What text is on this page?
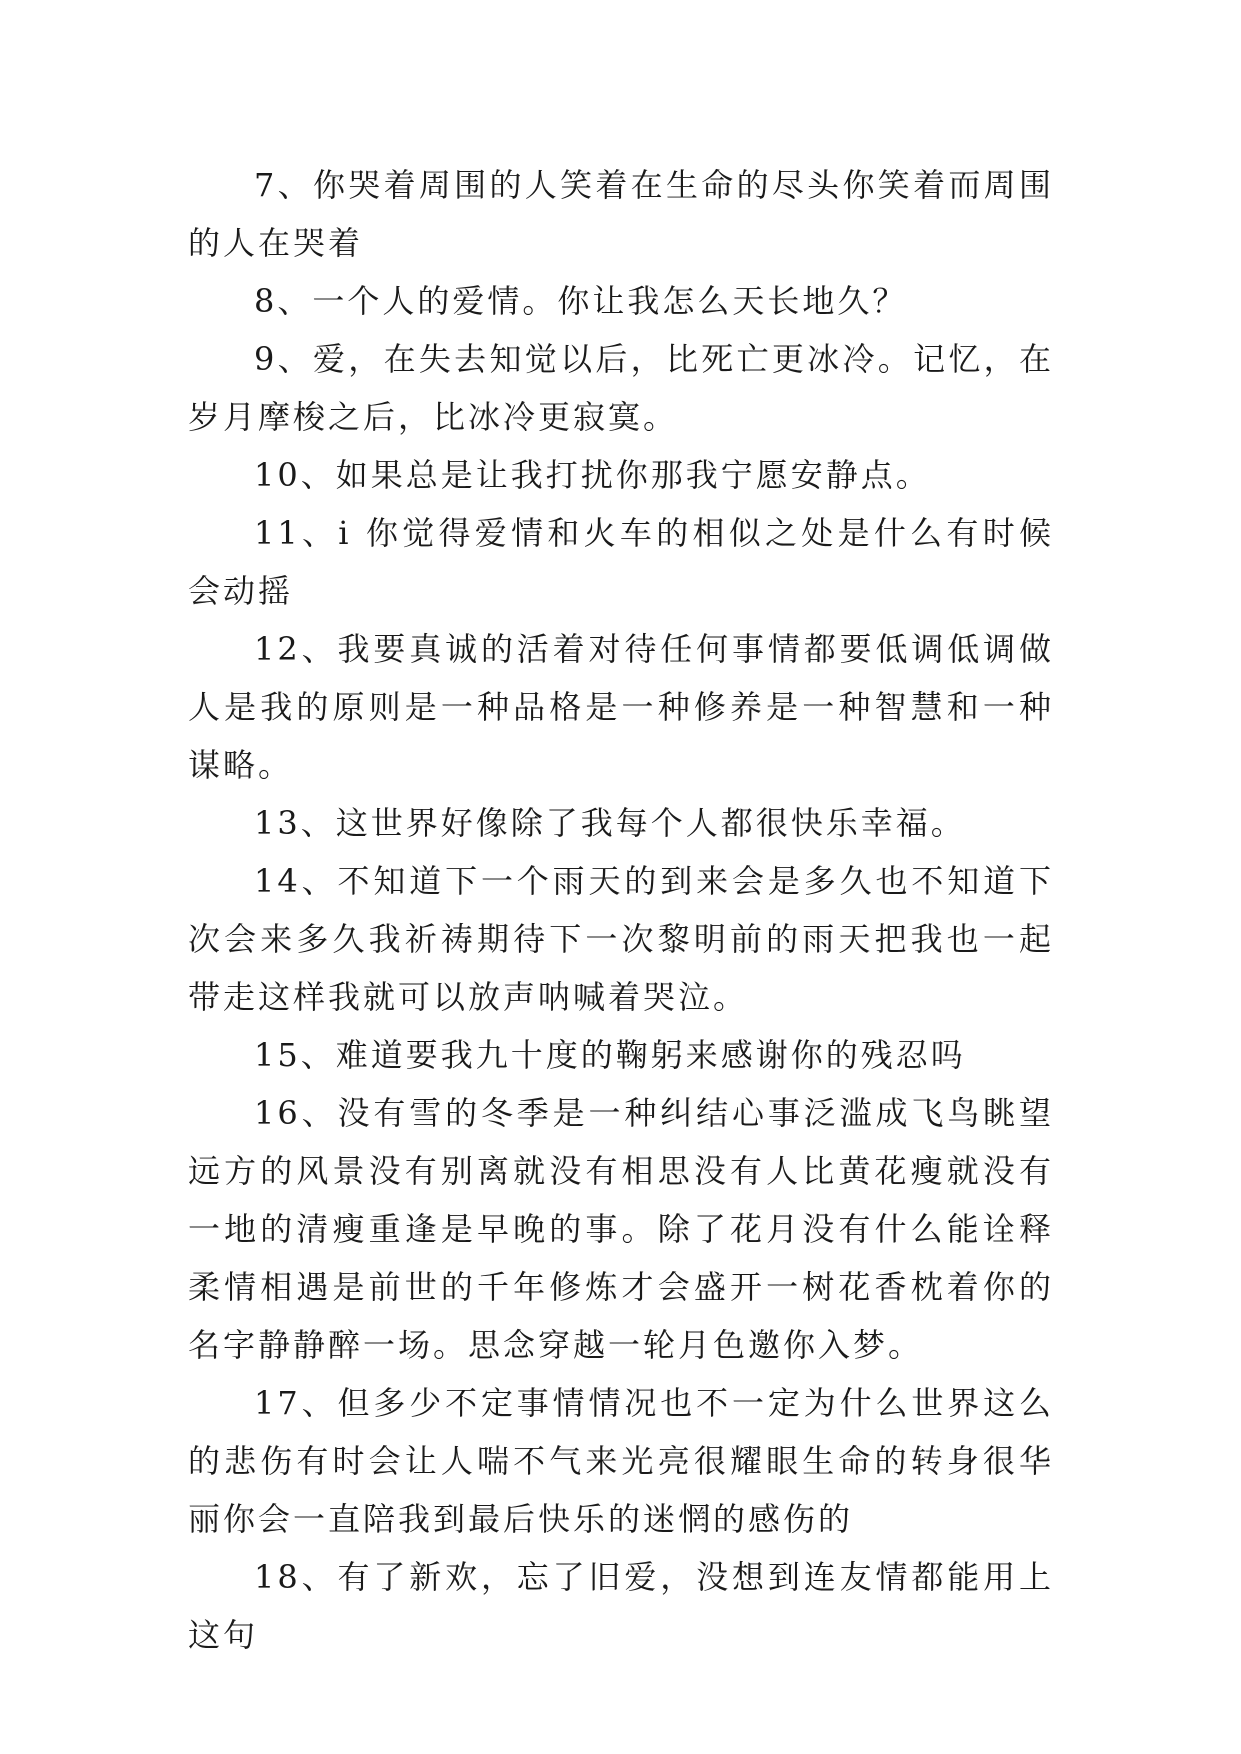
7、你哭着周围的人笑着在生命的尽头你笑着而周围的人在哭着

8、一个人的爱情。你让我怎么天长地久？

9、爱，在失去知觉以后，比死亡更冰冷。记忆，在岁月摩梭之后，比冰冷更寂寞。

10、如果总是让我打扰你那我宁愿安静点。

11、i 你觉得爱情和火车的相似之处是什么有时候会动摇

12、我要真诚的活着对待任何事情都要低调低调做人是我的原则是一种品格是一种修养是一种智慧和一种谋略。

13、这世界好像除了我每个人都很快乐幸福。

14、不知道下一个雨天的到来会是多久也不知道下次会来多久我祈祷期待下一次黎明前的雨天把我也一起带走这样我就可以放声呐喊着哭泣。

15、难道要我九十度的鞠躬来感谢你的残忍吗

16、没有雪的冬季是一种纠结心事泛滥成飞鸟眺望远方的风景没有别离就没有相思没有人比黄花瘦就没有一地的清瘦重逢是早晚的事。除了花月没有什么能诠释柔情相遇是前世的千年修炼才会盛开一树花香枕着你的名字静静醉一场。思念穿越一轮月色邀你入梦。

17、但多少不定事情情况也不一定为什么世界这么的悲伤有时会让人喘不气来光亮很耀眼生命的转身很华丽你会一直陪我到最后快乐的迷惘的感伤的

18、有了新欢，忘了旧爱，没想到连友情都能用上这句
